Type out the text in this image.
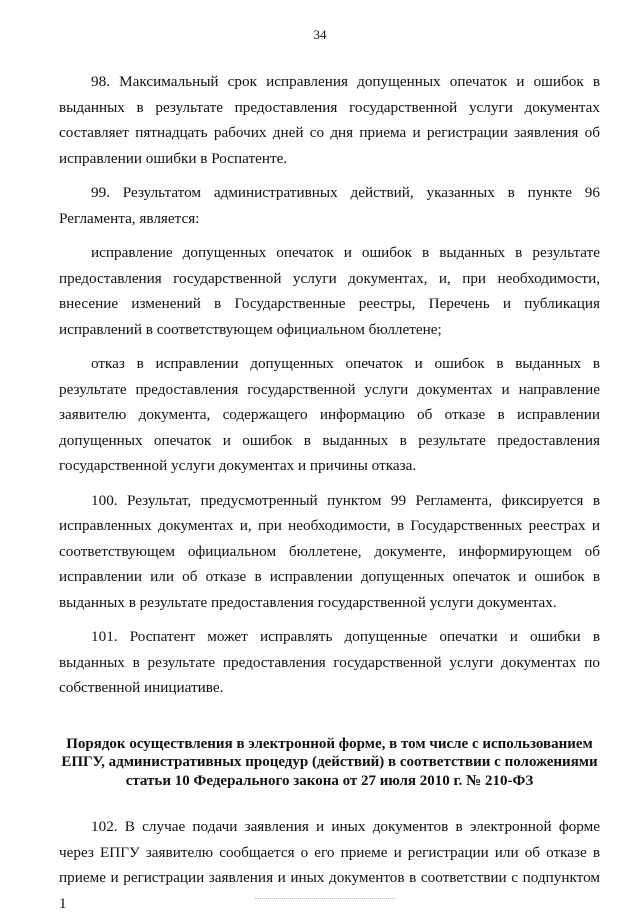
34

98. Максимальный срок исправления допущенных опечаток и ошибок в выданных в результате предоставления государственной услуги документах составляет пятнадцать рабочих дней со дня приема и регистрации заявления об исправлении ошибки в Роспатенте.

99. Результатом административных действий, указанных в пункте 96 Регламента, является:

исправление допущенных опечаток и ошибок в выданных в результате предоставления государственной услуги документах, и, при необходимости, внесение изменений в Государственные реестры, Перечень и публикация исправлений в соответствующем официальном бюллетене;

отказ в исправлении допущенных опечаток и ошибок в выданных в результате предоставления государственной услуги документах и направление заявителю документа, содержащего информацию об отказе в исправлении допущенных опечаток и ошибок в выданных в результате предоставления государственной услуги документах и причины отказа.

100. Результат, предусмотренный пунктом 99 Регламента, фиксируется в исправленных документах и, при необходимости, в Государственных реестрах и соответствующем официальном бюллетене, документе, информирующем об исправлении или об отказе в исправлении допущенных опечаток и ошибок в выданных в результате предоставления государственной услуги документах.

101. Роспатент может исправлять допущенные опечатки и ошибки в выданных в результате предоставления государственной услуги документах по собственной инициативе.

Порядок осуществления в электронной форме, в том числе с использованием ЕПГУ, административных процедур (действий) в соответствии с положениями статьи 10 Федерального закона от 27 июля 2010 г. № 210-ФЗ

102. В случае подачи заявления и иных документов в электронной форме через ЕПГУ заявителю сообщается о его приеме и регистрации или об отказе в приеме и регистрации заявления и иных документов в соответствии с подпунктом 1
